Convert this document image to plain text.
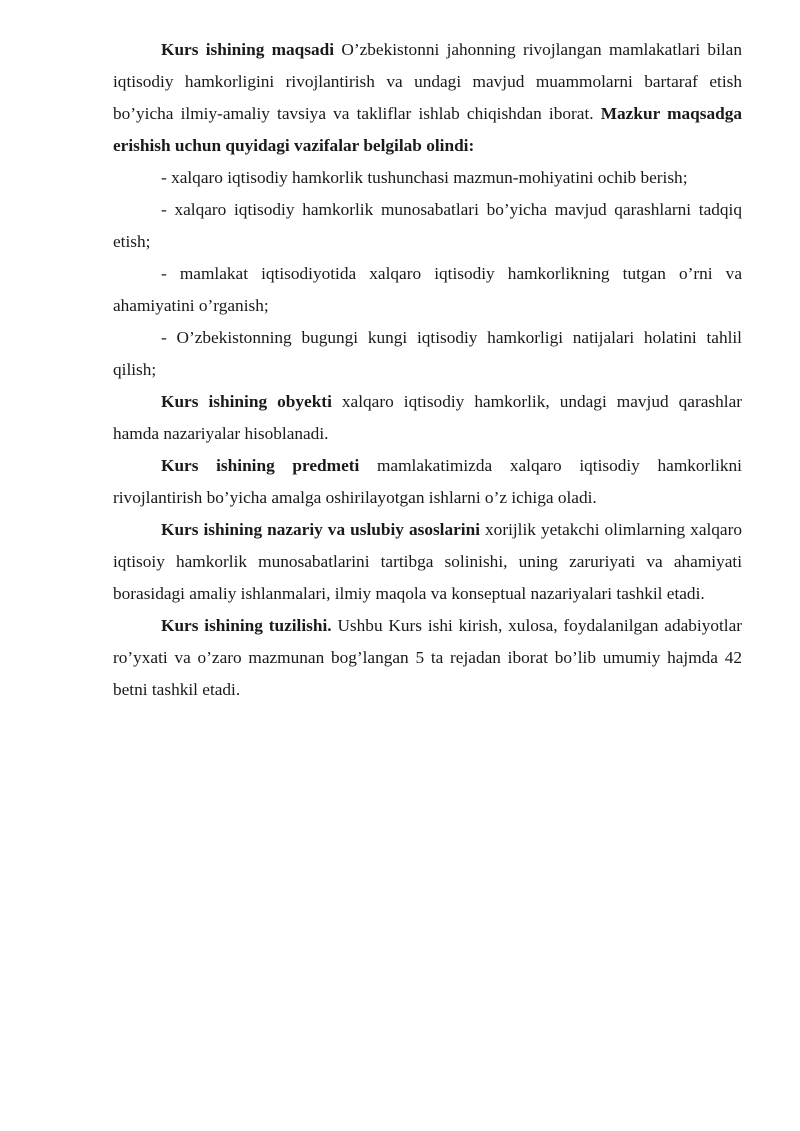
Kurs ishining maqsadi O’zbekistonni jahonning rivojlangan mamlakatlari bilan iqtisodiy hamkorligini rivojlantirish va undagi mavjud muammolarni bartaraf etish bo’yicha ilmiy-amaliy tavsiya va takliflar ishlab chiqishdan iborat. Mazkur maqsadga erishish uchun quyidagi vazifalar belgilab olindi:

- xalqaro iqtisodiy hamkorlik tushunchasi mazmun-mohiyatini ochib berish;

- xalqaro iqtisodiy hamkorlik munosabatlari bo’yicha mavjud qarashlarni tadqiq etish;

- mamlakat iqtisodiyotida xalqaro iqtisodiy hamkorlikning tutgan o’rni va ahamiyatini o’rganish;

- O’zbekistonning bugungi kungi iqtisodiy hamkorligi natijalari holatini tahlil qilish;

Kurs ishining obyekti xalqaro iqtisodiy hamkorlik, undagi mavjud qarashlar hamda nazariyalar hisoblanadi.

Kurs ishining predmeti mamlakatimizda xalqaro iqtisodiy hamkorlikni rivojlantirish bo’yicha amalga oshirilayotgan ishlarni o’z ichiga oladi.

Kurs ishining nazariy va uslubiy asoslarini xorijlik yetakchi olimlarning xalqaro iqtisoiy hamkorlik munosabatlarini tartibga solinishi, uning zaruriyati va ahamiyati borasidagi amaliy ishlanmalari, ilmiy maqola va konseptual nazariyalari tashkil etadi.

Kurs ishining tuzilishi. Ushbu Kurs ishi kirish, xulosa, foydalanilgan adabiyotlar ro’yxati va o’zaro mazmunan bog’langan 5 ta rejadan iborat bo’lib umumiy hajmda 42 betni tashkil etadi.
